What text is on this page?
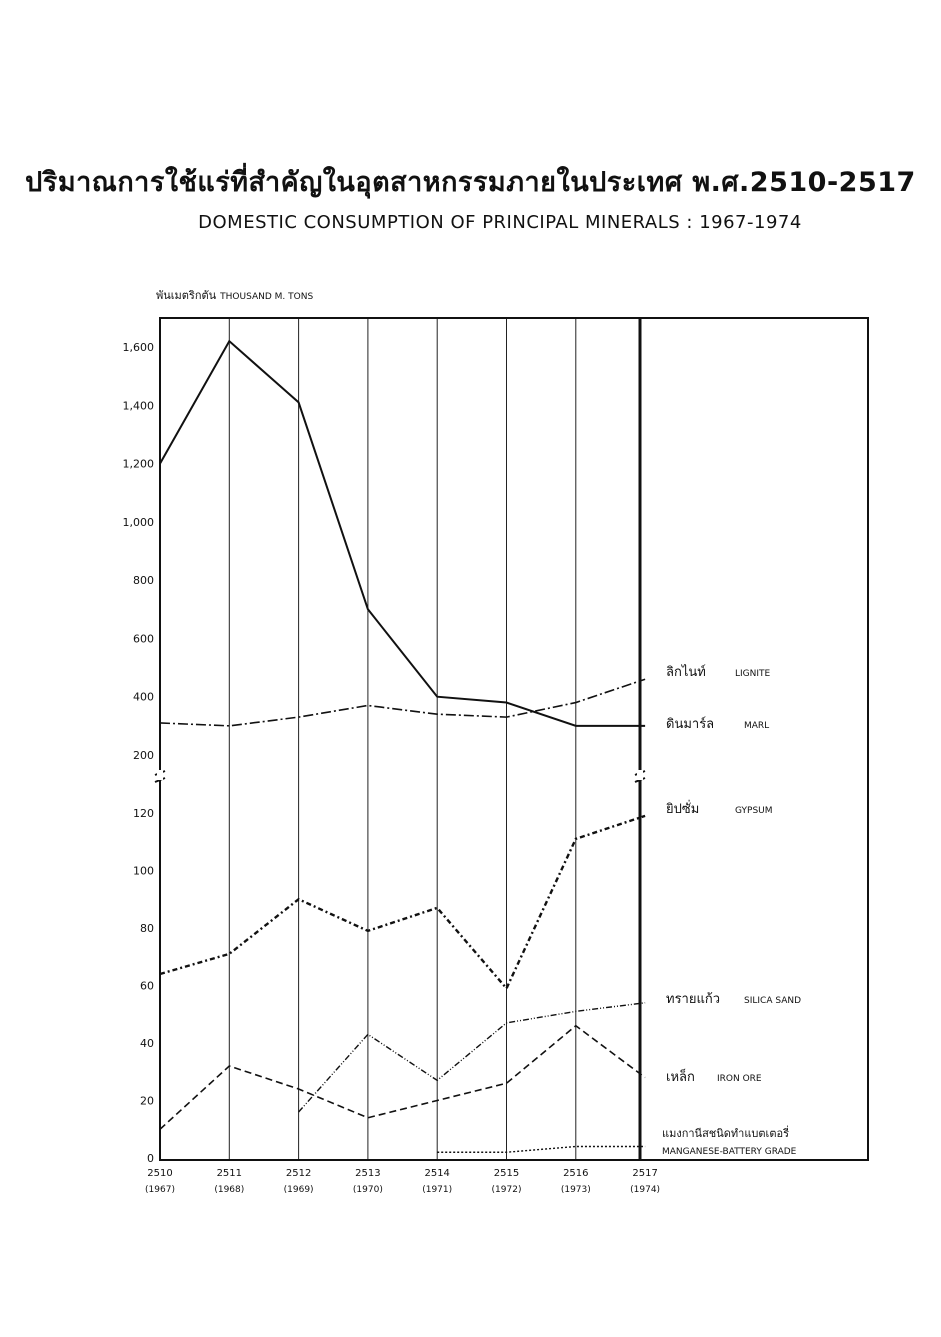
ปริมาณการใช้แร่ที่สำคัญในอุตสาหกรรมภายในประเทศ พ.ศ.2510-2517
DOMESTIC CONSUMPTION OF PRINCIPAL MINERALS : 1967-1974
พันเมตริกตัน THOUSAND M. TONS
0
20
40
60
80
100
120
200
400
600
800
1,000
1,200
1,400
1,600
2510
(1967)
2511
(1968)
2512
(1969)
2513
(1970)
2514
(1971)
2515
(1972)
2516
(1973)
2517
(1974)
ลิกไนท์	LIGNITE
ดินมาร์ล	MARL
ยิปซั่ม	GYPSUM
ทรายแก้ว	SILICA SAND
เหล็ก IRON ORE
แมงกานีสชนิดทำแบตเตอรี่
MANGANESE-BATTERY GRADE
